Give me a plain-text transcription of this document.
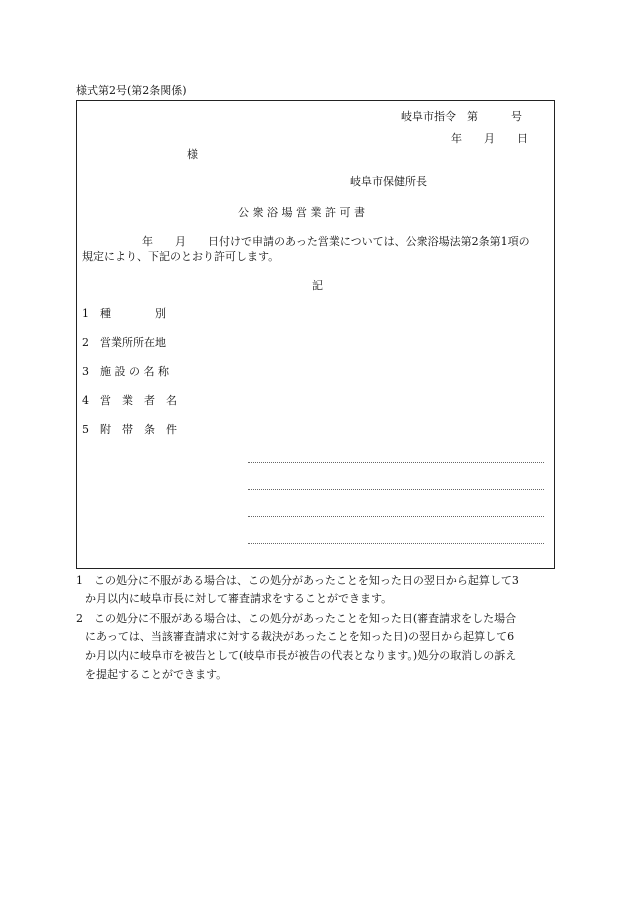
様式第2号(第2条関係)
岐阜市指令　第　　　号
年　　月　　日
様
岐阜市保健所長
公 衆 浴 場 営 業 許 可 書
年　　月　　日付けで申請のあった営業については、公衆浴場法第2条第1項の
規定により、下記のとおり許可します。
記
1 種　　　　別
2 営業所所在地
3 施 設 の 名 称
4 営　業　者　名
5 附　帯　条　件
1　この処分に不服がある場合は、この処分があったことを知った日の翌日から起算して3
か月以内に岐阜市長に対して審査請求をすることができます。
2　この処分に不服がある場合は、この処分があったことを知った日(審査請求をした場合
にあっては、当該審査請求に対する裁決があったことを知った日)の翌日から起算して6
か月以内に岐阜市を被告として(岐阜市長が被告の代表となります。)処分の取消しの訴え
を提起することができます。
